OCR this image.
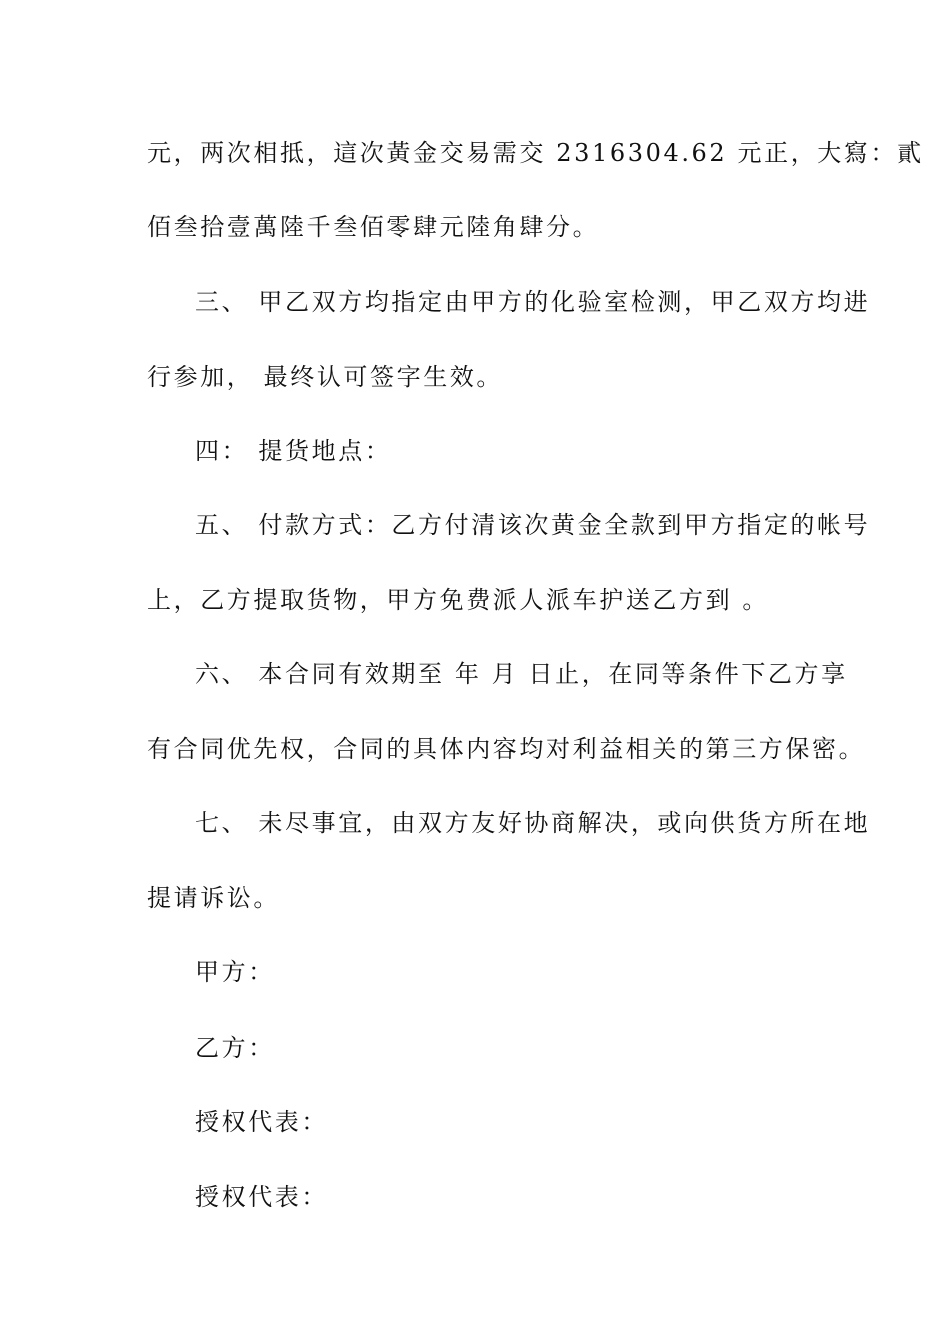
元，两次相抵，這次黃金交易需交 2316304.62 元正，大寫：貳
佰叁拾壹萬陸千叁佰零肆元陸角肆分。
三、 甲乙双方均指定由甲方的化验室检测，甲乙双方均进
行参加， 最终认可签字生效。
四： 提货地点：
五、 付款方式：乙方付清该次黄金全款到甲方指定的帐号
上，乙方提取货物，甲方免费派人派车护送乙方到 。
六、 本合同有效期至 年 月 日止，在同等条件下乙方享
有合同优先权，合同的具体内容均对利益相关的第三方保密。
七、 未尽事宜，由双方友好协商解决，或向供货方所在地
提请诉讼。
甲方：
乙方：
授权代表：
授权代表：
